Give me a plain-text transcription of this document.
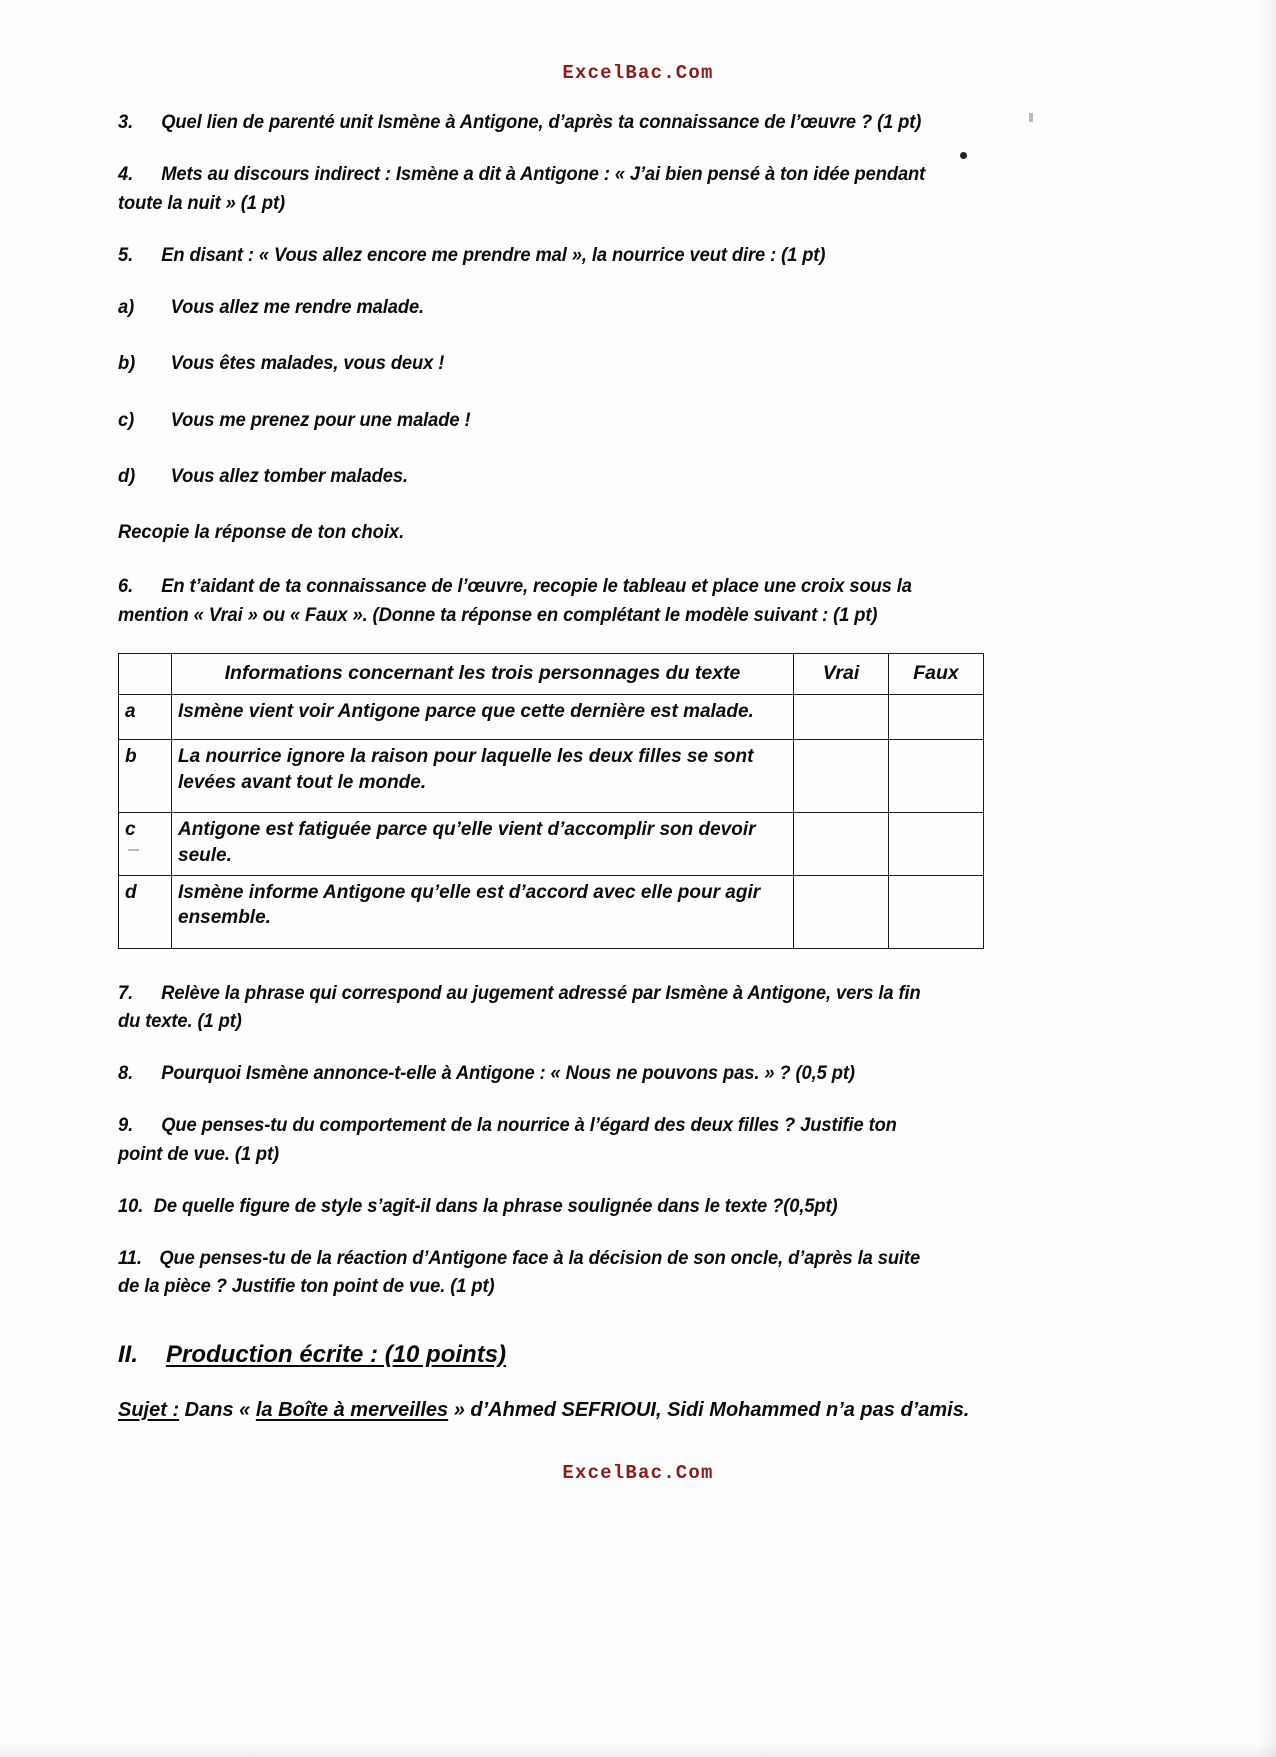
ExcelBac.Com

3. Quel lien de parenté unit Ismène à Antigone, d’après ta connaissance de l’œuvre ? (1 pt)

4. Mets au discours indirect : Ismène a dit à Antigone : « J’ai bien pensé à ton idée pendant toute la nuit » (1 pt)

5. En disant : « Vous allez encore me prendre mal », la nourrice veut dire : (1 pt)

a) Vous allez me rendre malade.

b) Vous êtes malades, vous deux !

c) Vous me prenez pour une malade !

d) Vous allez tomber malades.

Recopie la réponse de ton choix.

6. En t’aidant de ta connaissance de l’œuvre, recopie le tableau et place une croix sous la mention « Vrai » ou « Faux ». (Donne ta réponse en complétant le modèle suivant : (1 pt)

	Informations concernant les trois personnages du texte	Vrai	Faux
a	Ismène vient voir Antigone parce que cette dernière est malade.		
b	La nourrice ignore la raison pour laquelle les deux filles se sont levées avant tout le monde.		
c	Antigone est fatiguée parce qu’elle vient d’accomplir son devoir seule.		
d	Ismène informe Antigone qu’elle est d’accord avec elle pour agir ensemble.		

7. Relève la phrase qui correspond au jugement adressé par Ismène à Antigone, vers la fin du texte. (1 pt)

8. Pourquoi Ismène annonce-t-elle à Antigone : « Nous ne pouvons pas. » ? (0,5 pt)

9. Que penses-tu du comportement de la nourrice à l’égard des deux filles ? Justifie ton point de vue. (1 pt)

10. De quelle figure de style s’agit-il dans la phrase soulignée dans le texte ?(0,5pt)

11. Que penses-tu de la réaction d’Antigone face à la décision de son oncle, d’après la suite de la pièce ? Justifie ton point de vue. (1 pt)

II. Production écrite : (10 points)

Sujet : Dans « la Boîte à merveilles » d’Ahmed SEFRIOUI, Sidi Mohammed n’a pas d’amis.

ExcelBac.Com
